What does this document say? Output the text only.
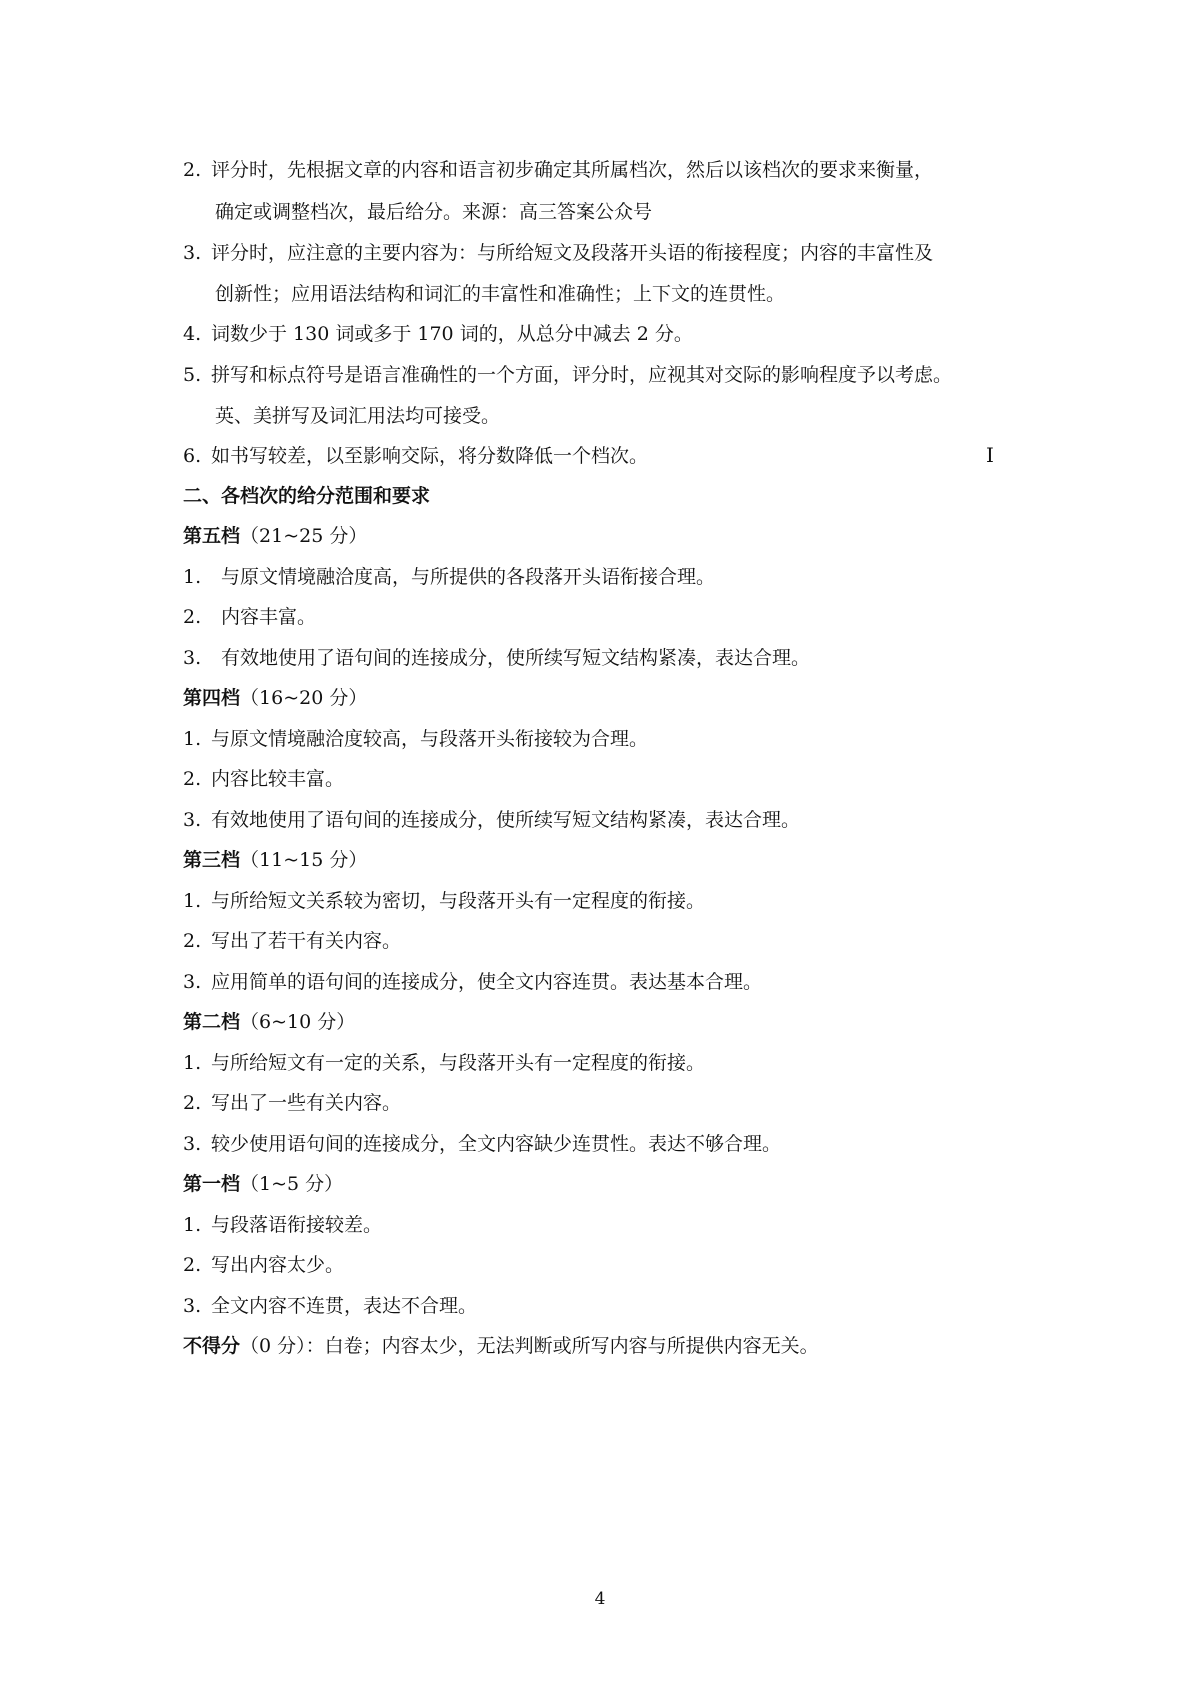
2. 评分时，先根据文章的内容和语言初步确定其所属档次，然后以该档次的要求来衡量，
确定或调整档次，最后给分。来源：高三答案公众号
3. 评分时，应注意的主要内容为：与所给短文及段落开头语的衔接程度；内容的丰富性及
创新性；应用语法结构和词汇的丰富性和准确性；上下文的连贯性。
4. 词数少于 130 词或多于 170 词的，从总分中减去 2 分。
5. 拼写和标点符号是语言准确性的一个方面，评分时，应视其对交际的影响程度予以考虑。
英、美拼写及词汇用法均可接受。
6. 如书写较差，以至影响交际，将分数降低一个档次。	I
二、各档次的给分范围和要求
第五档（21~25 分）
1. 与原文情境融洽度高，与所提供的各段落开头语衔接合理。
2. 内容丰富。
3. 有效地使用了语句间的连接成分，使所续写短文结构紧凑，表达合理。
第四档（16~20 分）
1. 与原文情境融洽度较高，与段落开头衔接较为合理。
2. 内容比较丰富。
3. 有效地使用了语句间的连接成分，使所续写短文结构紧凑，表达合理。
第三档（11~15 分）
1. 与所给短文关系较为密切，与段落开头有一定程度的衔接。
2. 写出了若干有关内容。
3. 应用简单的语句间的连接成分，使全文内容连贯。表达基本合理。
第二档（6~10 分）
1. 与所给短文有一定的关系，与段落开头有一定程度的衔接。
2. 写出了一些有关内容。
3. 较少使用语句间的连接成分，全文内容缺少连贯性。表达不够合理。
第一档（1~5 分）
1. 与段落语衔接较差。
2. 写出内容太少。
3. 全文内容不连贯，表达不合理。
不得分（0 分）：白卷；内容太少，无法判断或所写内容与所提供内容无关。
4
